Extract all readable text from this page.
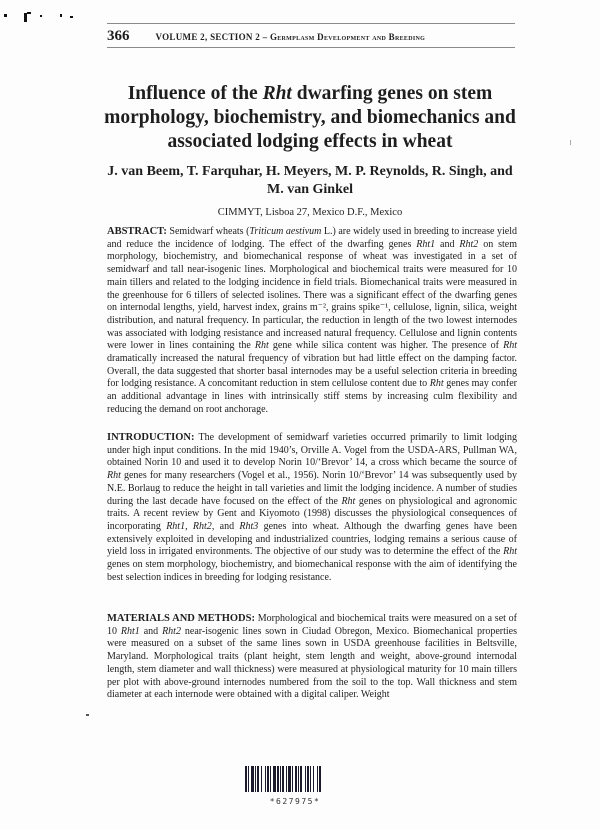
366	VOLUME 2, SECTION 2 – Germplasm Development and Breeding
Influence of the Rht dwarfing genes on stem morphology, biochemistry, and biomechanics and associated lodging effects in wheat
J. van Beem, T. Farquhar, H. Meyers, M. P. Reynolds, R. Singh, and M. van Ginkel
CIMMYT, Lisboa 27, Mexico D.F., Mexico
ABSTRACT: Semidwarf wheats (Triticum aestivum L.) are widely used in breeding to increase yield and reduce the incidence of lodging. The effect of the dwarfing genes Rht1 and Rht2 on stem morphology, biochemistry, and biomechanical response of wheat was investigated in a set of semidwarf and tall near-isogenic lines. Morphological and biochemical traits were measured for 10 main tillers and related to the lodging incidence in field trials. Biomechanical traits were measured in the greenhouse for 6 tillers of selected isolines. There was a significant effect of the dwarfing genes on internodal lengths, yield, harvest index, grains m⁻², grains spike⁻¹, cellulose, lignin, silica, weight distribution, and natural frequency. In particular, the reduction in length of the two lowest internodes was associated with lodging resistance and increased natural frequency. Cellulose and lignin contents were lower in lines containing the Rht gene while silica content was higher. The presence of Rht dramatically increased the natural frequency of vibration but had little effect on the damping factor. Overall, the data suggested that shorter basal internodes may be a useful selection criteria in breeding for lodging resistance. A concomitant reduction in stem cellulose content due to Rht genes may confer an additional advantage in lines with intrinsically stiff stems by increasing culm flexibility and reducing the demand on root anchorage.
INTRODUCTION: The development of semidwarf varieties occurred primarily to limit lodging under high input conditions. In the mid 1940’s, Orville A. Vogel from the USDA-ARS, Pullman WA, obtained Norin 10 and used it to develop Norin 10/‘Brevor’ 14, a cross which became the source of Rht genes for many researchers (Vogel et al., 1956). Norin 10/‘Brevor’ 14 was subsequently used by N.E. Borlaug to reduce the height in tall varieties and limit the lodging incidence. A number of studies during the last decade have focused on the effect of the Rht genes on physiological and agronomic traits. A recent review by Gent and Kiyomoto (1998) discusses the physiological consequences of incorporating Rht1, Rht2, and Rht3 genes into wheat. Although the dwarfing genes have been extensively exploited in developing and industrialized countries, lodging remains a serious cause of yield loss in irrigated environments. The objective of our study was to determine the effect of the Rht genes on stem morphology, biochemistry, and biomechanical response with the aim of identifying the best selection indices in breeding for lodging resistance.
MATERIALS AND METHODS: Morphological and biochemical traits were measured on a set of 10 Rht1 and Rht2 near-isogenic lines sown in Ciudad Obregon, Mexico. Biomechanical properties were measured on a subset of the same lines sown in USDA greenhouse facilities in Beltsville, Maryland. Morphological traits (plant height, stem length and weight, above-ground internodal length, stem diameter and wall thickness) were measured at physiological maturity for 10 main tillers per plot with above-ground internodes numbered from the soil to the top. Wall thickness and stem diameter at each internode were obtained with a digital caliper. Weight
*627975*
